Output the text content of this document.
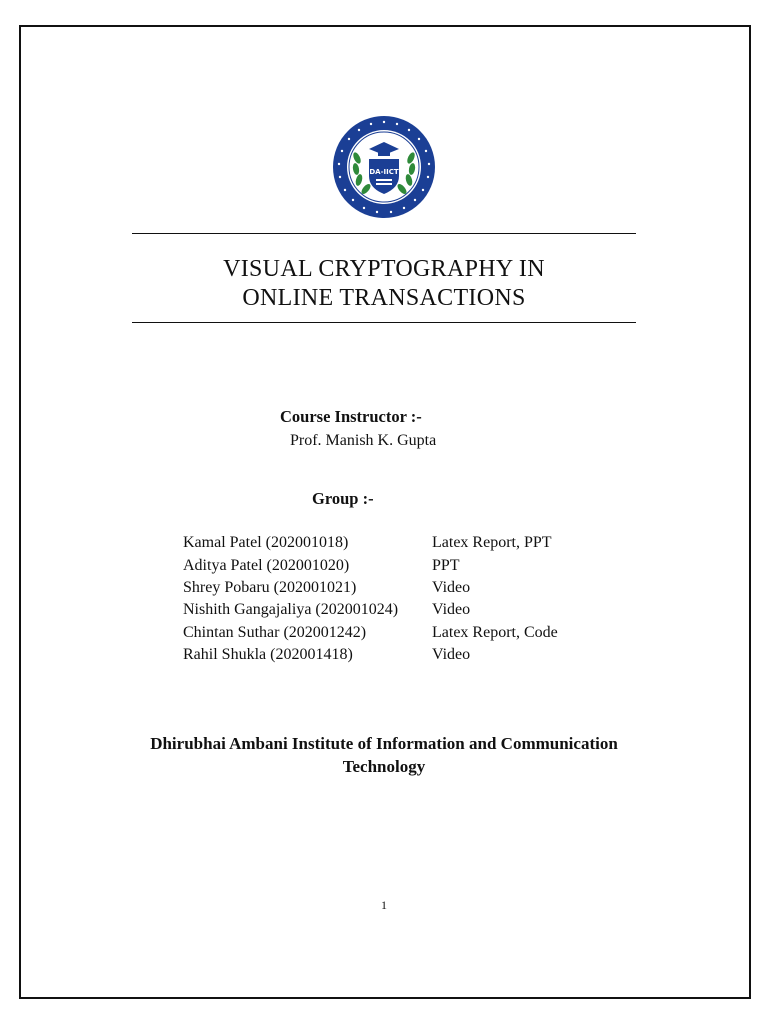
DA-IICT
VISUAL CRYPTOGRAPHY IN
ONLINE TRANSACTIONS
Course Instructor :-
Prof. Manish K. Gupta
Group :-
Kamal Patel (202001018)	Latex Report, PPT
Aditya Patel (202001020)	PPT
Shrey Pobaru (202001021)	Video
Nishith Gangajaliya (202001024)	Video
Chintan Suthar (202001242)	Latex Report, Code
Rahil Shukla (202001418)	Video
Dhirubhai Ambani Institute of Information and Communication
Technology
1
